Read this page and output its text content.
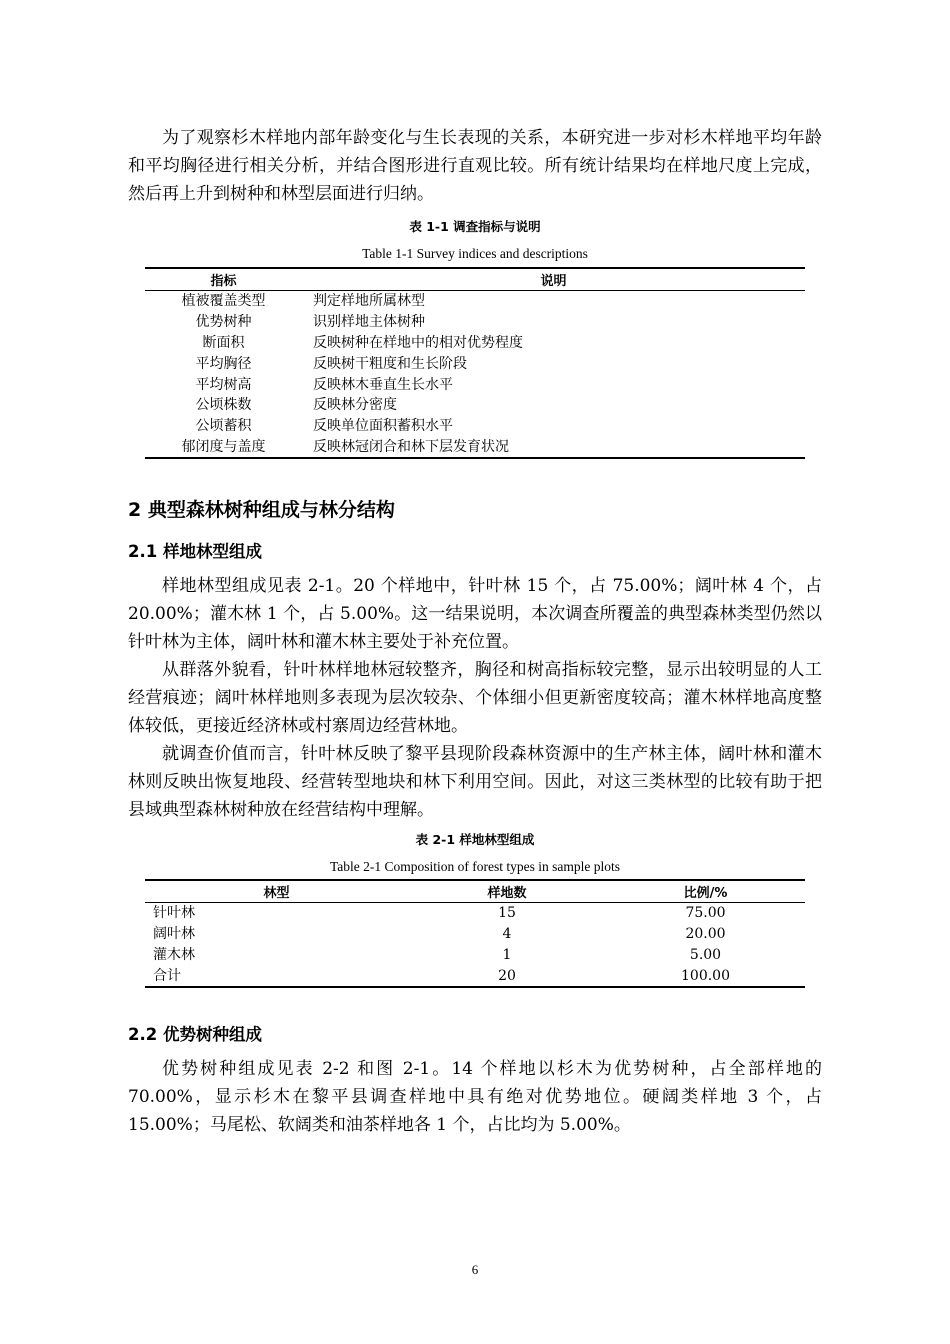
为了观察杉木样地内部年龄变化与生长表现的关系，本研究进一步对杉木样地平均年龄和平均胸径进行相关分析，并结合图形进行直观比较。所有统计结果均在样地尺度上完成，然后再上升到树种和林型层面进行归纳。

表 1-1 调查指标与说明
Table 1-1 Survey indices and descriptions
指标	说明
植被覆盖类型	判定样地所属林型
优势树种	识别样地主体树种
断面积	反映树种在样地中的相对优势程度
平均胸径	反映树干粗度和生长阶段
平均树高	反映林木垂直生长水平
公顷株数	反映林分密度
公顷蓄积	反映单位面积蓄积水平
郁闭度与盖度	反映林冠闭合和林下层发育状况
2 典型森林树种组成与林分结构
2.1 样地林型组成

样地林型组成见表 2-1。20 个样地中，针叶林 15 个，占 75.00%；阔叶林 4 个，占 20.00%；灌木林 1 个，占 5.00%。这一结果说明，本次调查所覆盖的典型森林类型仍然以针叶林为主体，阔叶林和灌木林主要处于补充位置。

从群落外貌看，针叶林样地林冠较整齐，胸径和树高指标较完整，显示出较明显的人工经营痕迹；阔叶林样地则多表现为层次较杂、个体细小但更新密度较高；灌木林样地高度整体较低，更接近经济林或村寨周边经营林地。

就调查价值而言，针叶林反映了黎平县现阶段森林资源中的生产林主体，阔叶林和灌木林则反映出恢复地段、经营转型地块和林下利用空间。因此，对这三类林型的比较有助于把县域典型森林树种放在经营结构中理解。

表 2-1 样地林型组成
Table 2-1 Composition of forest types in sample plots
林型	样地数	比例/%
针叶林	15	75.00
阔叶林	4	20.00
灌木林	1	5.00
合计	20	100.00
2.2 优势树种组成

优势树种组成见表 2-2 和图 2-1。14 个样地以杉木为优势树种，占全部样地的 70.00%，显示杉木在黎平县调查样地中具有绝对优势地位。硬阔类样地 3 个，占 15.00%；马尾松、软阔类和油茶样地各 1 个，占比均为 5.00%。

6
